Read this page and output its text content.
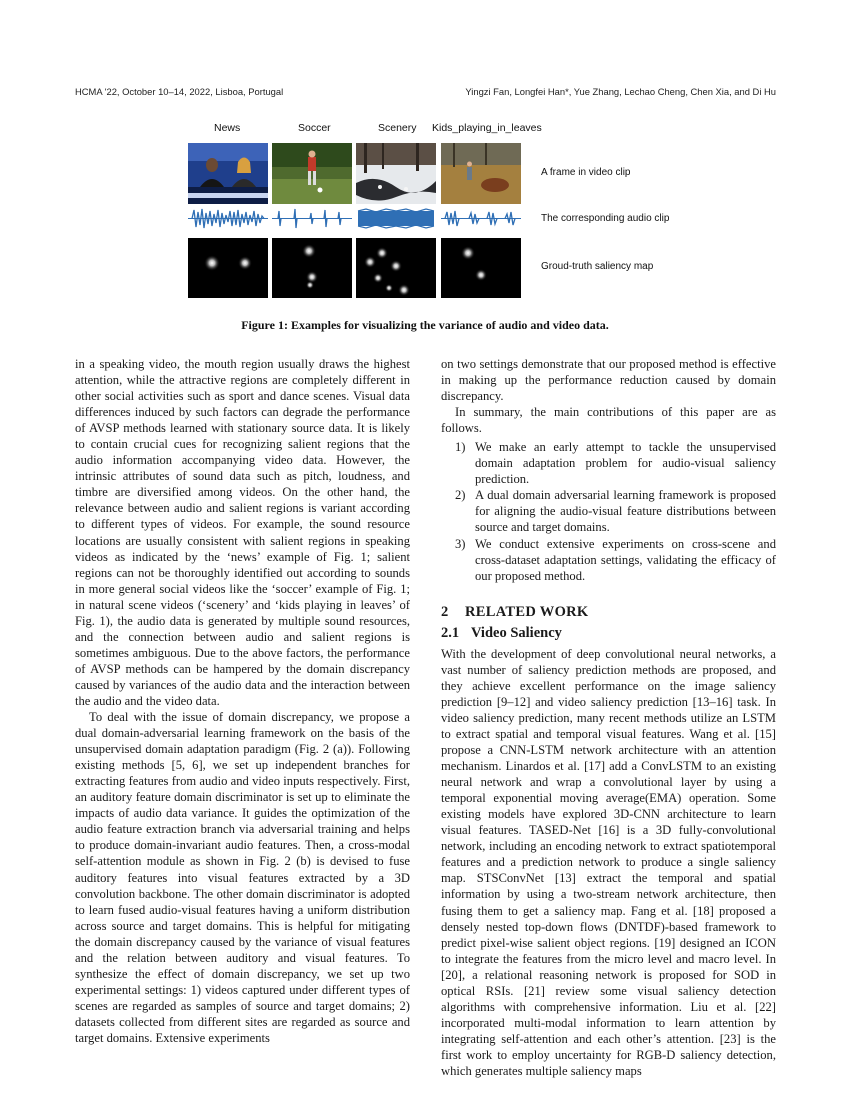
HCMA '22, October 10–14, 2022, Lisboa, Portugal	Yingzi Fan, Longfei Han*, Yue Zhang, Lechao Cheng, Chen Xia, and Di Hu
News	Soccer	Scenery Kids_playing_in_leaves
A frame in video clip
The corresponding audio clip
Groud-truth saliency map
Figure 1: Examples for visualizing the variance of audio and video data.

in a speaking video, the mouth region usually draws the highest attention, while the attractive regions are completely different in other social activities such as sport and dance scenes. Visual data differences induced by such factors can degrade the performance of AVSP methods learned with stationary source data. It is likely to contain crucial cues for recognizing salient regions that the audio information accompanying video data. However, the intrinsic attributes of sound data such as pitch, loudness, and timbre are diversified among videos. On the other hand, the relevance between audio and salient regions is variant according to different types of videos. For example, the sound resource locations are usually consistent with salient regions in speaking videos as indicated by the ‘news’ example of Fig. 1; salient regions can not be thoroughly identified out according to sounds in more general social videos like the ‘soccer’ example of Fig. 1; in natural scene videos (‘scenery’ and ‘kids playing in leaves’ of Fig. 1), the audio data is generated by multiple sound resources, and the connection between audio and salient regions is sometimes ambiguous. Due to the above factors, the performance of AVSP methods can be hampered by the domain discrepancy caused by variances of the audio data and the interaction between the audio and the video data.

To deal with the issue of domain discrepancy, we propose a dual domain-adversarial learning framework on the basis of the unsupervised domain adaptation paradigm (Fig. 2 (a)). Following existing methods [5, 6], we set up independent branches for extracting features from audio and video inputs respectively. First, an auditory feature domain discriminator is set up to eliminate the impacts of audio data variance. It guides the optimization of the audio feature extraction branch via adversarial training and helps to produce domain-invariant audio features. Then, a cross-modal self-attention module as shown in Fig. 2 (b) is devised to fuse auditory features into visual features extracted by a 3D convolution backbone. The other domain discriminator is adopted to learn fused audio-visual features having a uniform distribution across source and target domains. This is helpful for mitigating the domain discrepancy caused by the variance of visual features and the relation between auditory and visual features. To synthesize the effect of domain discrepancy, we set up two experimental settings: 1) videos captured under different types of scenes are regarded as samples of source and target domains; 2) datasets collected from different sites are regarded as source and target domains. Extensive experiments

on two settings demonstrate that our proposed method is effective in making up the performance reduction caused by domain discrepancy.

In summary, the main contributions of this paper are as follows.

1) We make an early attempt to tackle the unsupervised domain adaptation problem for audio-visual saliency prediction.
2) A dual domain adversarial learning framework is proposed for aligning the audio-visual feature distributions between source and target domains.
3) We conduct extensive experiments on cross-scene and cross-dataset adaptation settings, validating the efficacy of our proposed method.
2 RELATED WORK
2.1 Video Saliency

With the development of deep convolutional neural networks, a vast number of saliency prediction methods are proposed, and they achieve excellent performance on the image saliency prediction [9–12] and video saliency prediction [13–16] task. In video saliency prediction, many recent methods utilize an LSTM to extract spatial and temporal visual features. Wang et al. [15] propose a CNN-LSTM network architecture with an attention mechanism. Linardos et al. [17] add a ConvLSTM to an existing neural network and wrap a convolutional layer by using a temporal exponential moving average(EMA) operation. Some existing models have explored 3D-CNN architecture to learn visual features. TASED-Net [16] is a 3D fully-convolutional network, including an encoding network to extract spatiotemporal features and a prediction network to produce a single saliency map. STSConvNet [13] extract the temporal and spatial information by using a two-stream network architecture, then fusing them to get a saliency map. Fang et al. [18] proposed a densely nested top-down flows (DNTDF)-based framework to predict pixel-wise salient object regions. [19] designed an ICON to integrate the features from the micro level and macro level. In [20], a relational reasoning network is proposed for SOD in optical RSIs. [21] review some visual saliency detection algorithms with comprehensive information. Liu et al. [22] incorporated multi-modal information to learn attention by integrating self-attention and each other’s attention. [23] is the first work to employ uncertainty for RGB-D saliency detection, which generates multiple saliency maps
